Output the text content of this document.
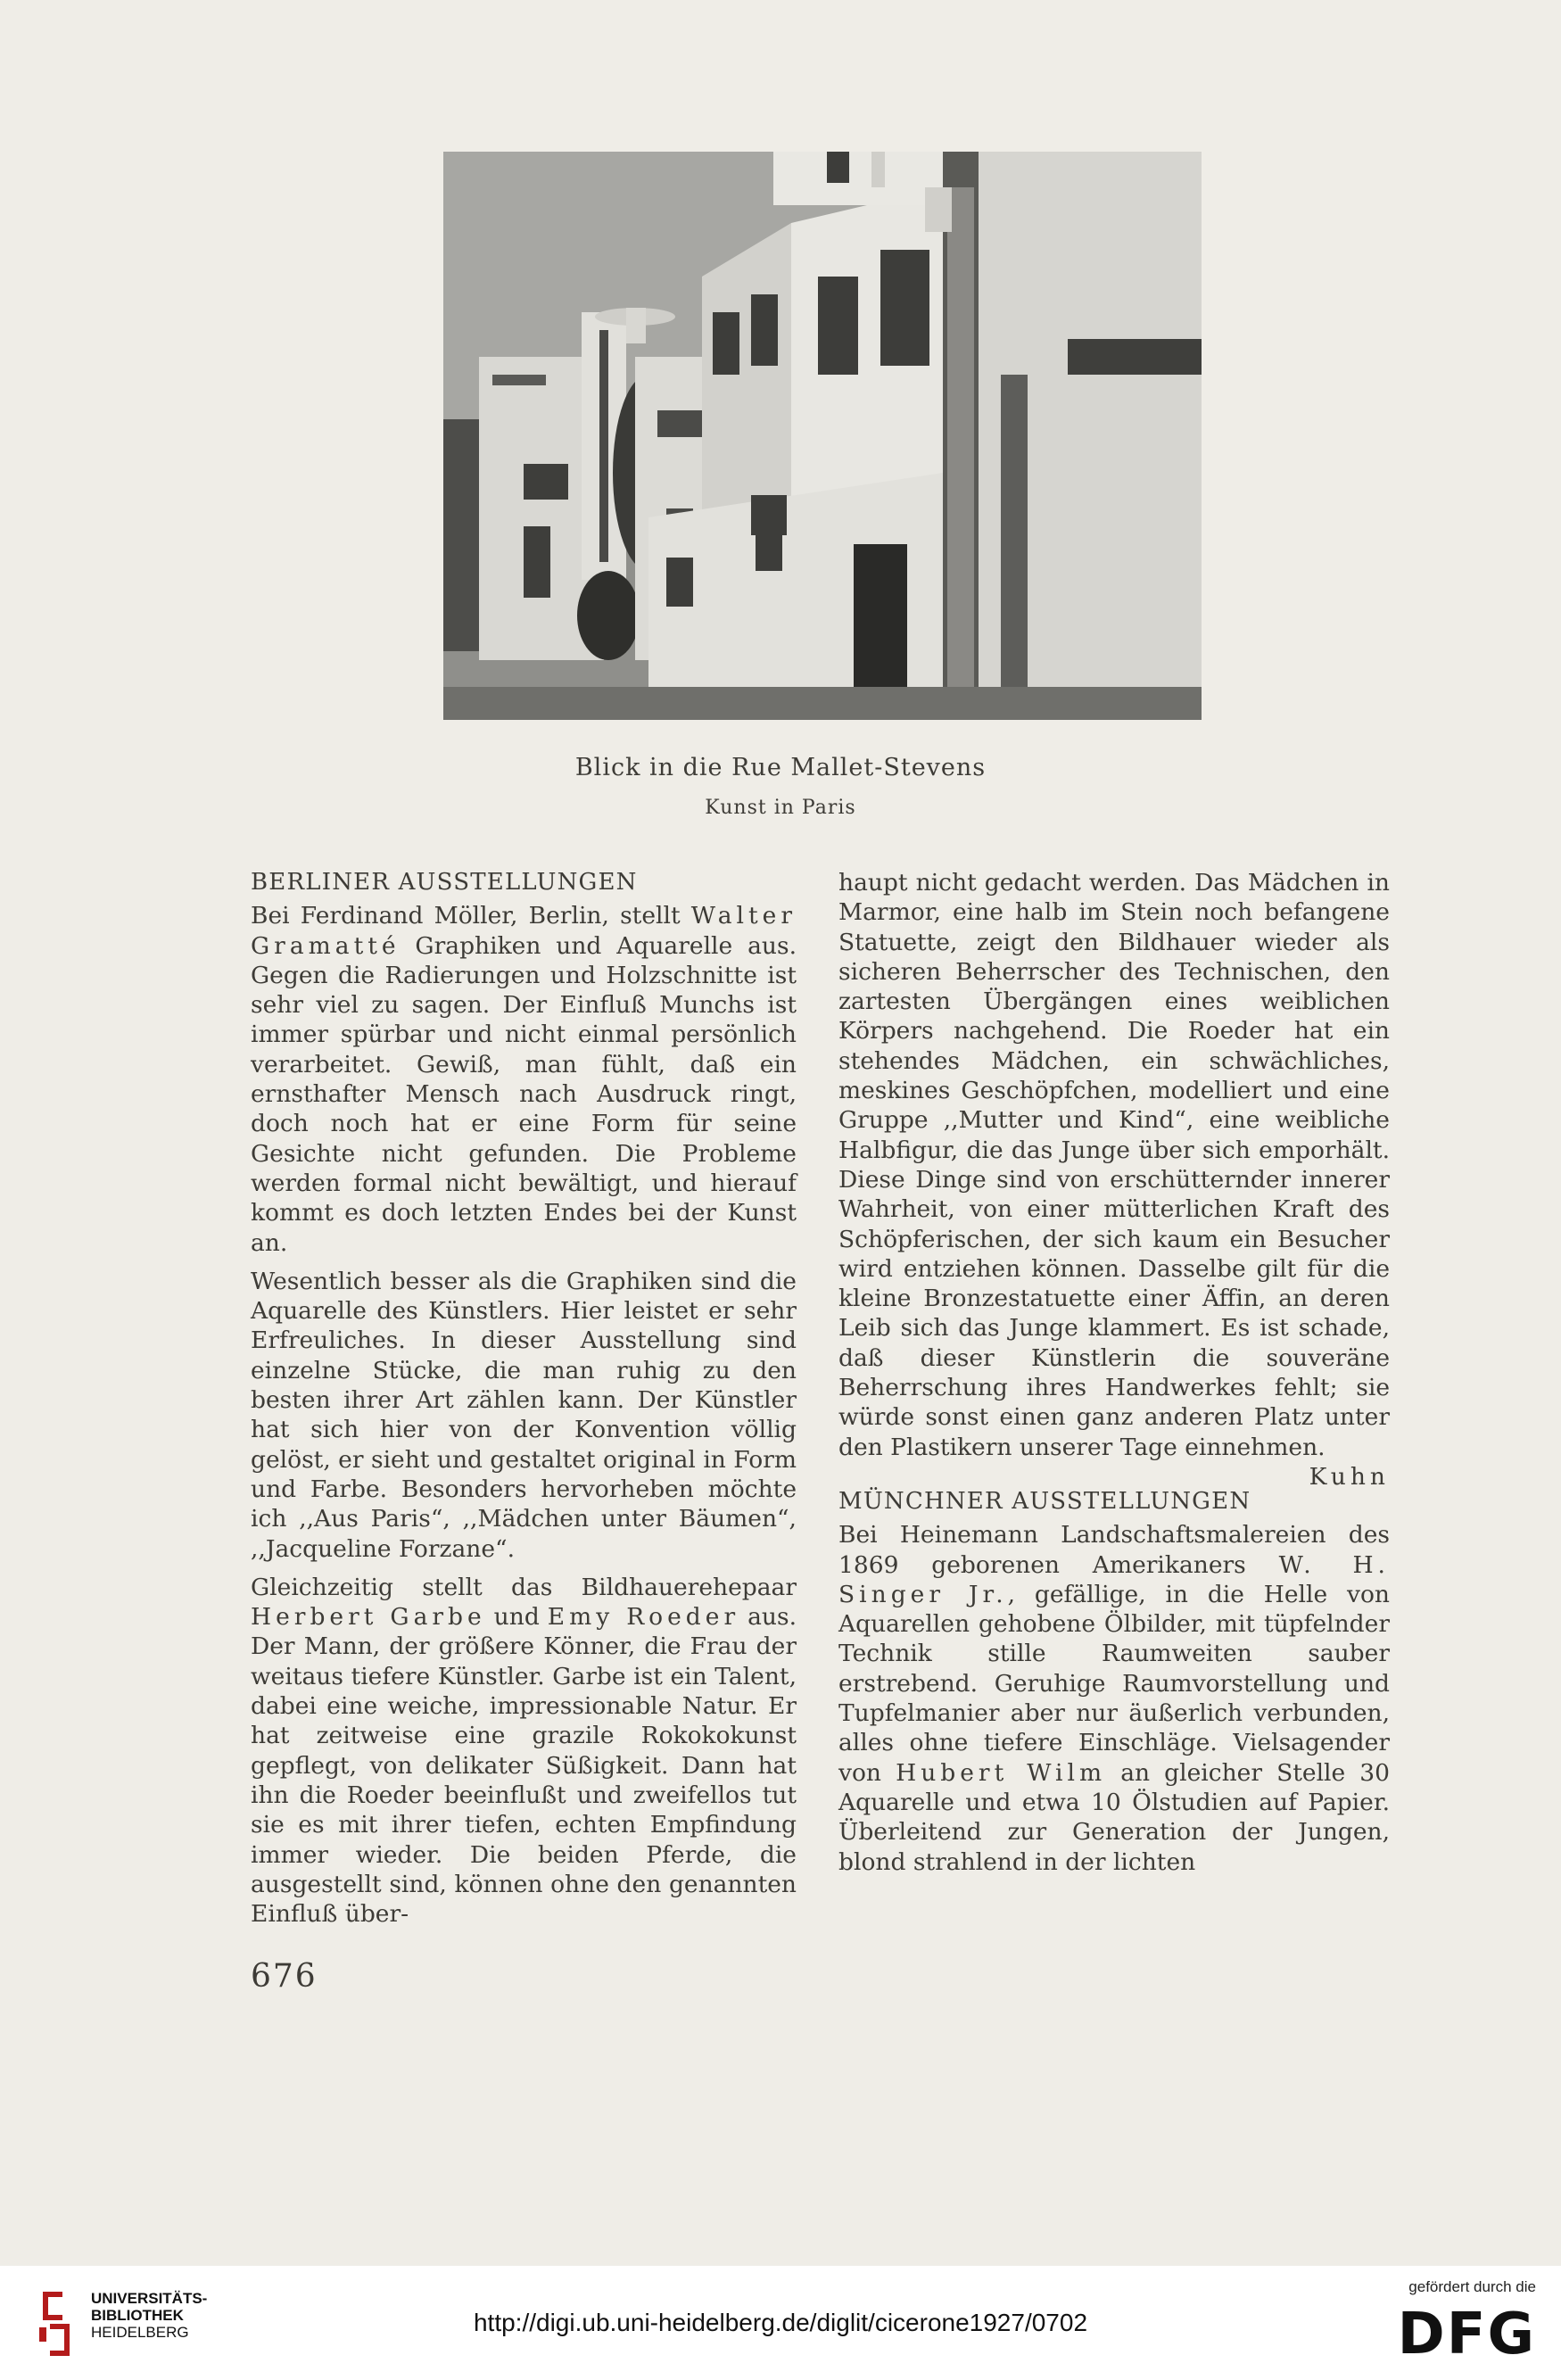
Blick in die Rue Mallet-Stevens
Kunst in Paris
BERLINER AUSSTELLUNGEN

Bei Ferdinand Möller, Berlin, stellt Walter Gramatté Graphiken und Aquarelle aus. Gegen die Radierungen und Holzschnitte ist sehr viel zu sagen. Der Einfluß Munchs ist immer spürbar und nicht einmal persönlich verarbeitet. Gewiß, man fühlt, daß ein ernsthafter Mensch nach Ausdruck ringt, doch noch hat er eine Form für seine Gesichte nicht gefunden. Die Probleme werden formal nicht bewältigt, und hierauf kommt es doch letzten Endes bei der Kunst an.

Wesentlich besser als die Graphiken sind die Aquarelle des Künstlers. Hier leistet er sehr Erfreuliches. In dieser Ausstellung sind einzelne Stücke, die man ruhig zu den besten ihrer Art zählen kann. Der Künstler hat sich hier von der Konvention völlig gelöst, er sieht und gestaltet original in Form und Farbe. Besonders hervorheben möchte ich ,,Aus Paris“, ,,Mädchen unter Bäumen“, ,,Jacqueline Forzane“.

Gleichzeitig stellt das Bildhauerehepaar Herbert Garbe und Emy Roeder aus. Der Mann, der größere Könner, die Frau der weitaus tiefere Künstler. Garbe ist ein Talent, dabei eine weiche, impressionable Natur. Er hat zeitweise eine grazile Rokokokunst gepflegt, von delikater Süßigkeit. Dann hat ihn die Roeder beeinflußt und zweifellos tut sie es mit ihrer tiefen, echten Empfindung immer wieder. Die beiden Pferde, die ausgestellt sind, können ohne den genannten Einfluß über-

haupt nicht gedacht werden. Das Mädchen in Marmor, eine halb im Stein noch befangene Statuette, zeigt den Bildhauer wieder als sicheren Beherrscher des Technischen, den zartesten Übergängen eines weiblichen Körpers nachgehend. Die Roeder hat ein stehendes Mädchen, ein schwächliches, meskines Geschöpfchen, modelliert und eine Gruppe ,,Mutter und Kind“, eine weibliche Halbfigur, die das Junge über sich emporhält. Diese Dinge sind von erschütternder innerer Wahrheit, von einer mütterlichen Kraft des Schöpferischen, der sich kaum ein Besucher wird entziehen können. Dasselbe gilt für die kleine Bronzestatuette einer Äffin, an deren Leib sich das Junge klammert. Es ist schade, daß dieser Künstlerin die souveräne Beherrschung ihres Handwerkes fehlt; sie würde sonst einen ganz anderen Platz unter den Plastikern unserer Tage einnehmen.
Kuhn

MÜNCHNER AUSSTELLUNGEN

Bei Heinemann Landschaftsmalereien des 1869 geborenen Amerikaners W. H. Singer Jr., gefällige, in die Helle von Aquarellen gehobene Ölbilder, mit tüpfelnder Technik stille Raumweiten sauber erstrebend. Geruhige Raumvorstellung und Tupfelmanier aber nur äußerlich verbunden, alles ohne tiefere Einschläge. Vielsagender von Hubert Wilm an gleicher Stelle 30 Aquarelle und etwa 10 Ölstudien auf Papier. Überleitend zur Generation der Jungen, blond strahlend in der lichten

676
UNIVERSITÄTS-
BIBLIOTHEK
HEIDELBERG	http://digi.ub.uni-heidelberg.de/diglit/cicerone1927/0702
gefördert durch die
DFG
